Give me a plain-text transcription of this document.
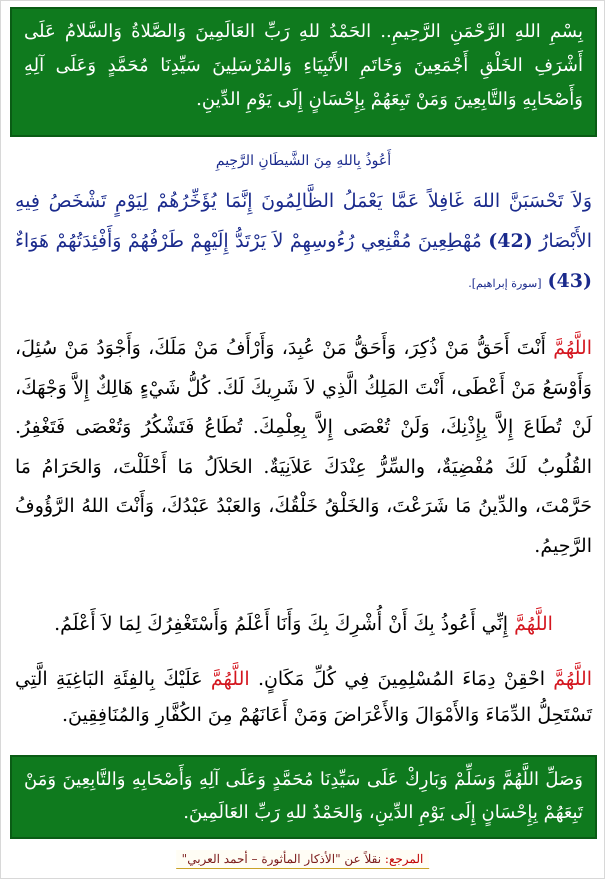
بِسْمِ اللهِ الرَّحْمَنِ الرَّحِيمِ.. الحَمْدُ للهِ رَبِّ العَالَمِينَ وَالصَّلاةُ وَالسَّلامُ عَلَى أَشْرَفِ الخَلْقِ أَجْمَعِينَ وَخَاتَمِ الأَنْبِيَاءِ وَالمُرْسَلِينَ سَيِّدِنَا مُحَمَّدٍ وَعَلَى آلِهِ وَأَصْحَابِهِ وَالتَّابِعِينَ وَمَنْ تَبِعَهُمْ بِإِحْسَانٍ إِلَى يَوْمِ الدِّينِ.
أَعُوذُ بِاللهِ مِنَ الشَّيطَانِ الرَّجِيمِ
وَلاَ تَحْسَبَنَّ اللهَ غَافِلاً عَمَّا يَعْمَلُ الظَّالِمُونَ إِنَّمَا يُؤَخِّرُهُمْ لِيَوْمٍ تَشْخَصُ فِيهِ الأَبْصَارُ (42) مُهْطِعِينَ مُقْنِعِي رُءُوسِهِمْ لاَ يَرْتَدُّ إِلَيْهِمْ طَرْفُهُمْ وَأَفْئِدَتُهُمْ هَوَاءٌ (43) [سورة إبراهيم].
اللَّهُمَّ أَنْتَ أَحَقُّ مَنْ ذُكِرَ، وَأَحَقُّ مَنْ عُبِدَ، وَأَرْأَفُ مَنْ مَلَكَ، وَأَجْوَدُ مَنْ سُئِلَ، وَأَوْسَعُ مَنْ أَعْطَى، أَنْتَ المَلِكُ الَّذِي لاَ شَرِيكَ لَكَ. كُلُّ شَيْءٍ هَالِكٌ إِلاَّ وَجْهَكَ، لَنْ تُطَاعَ إِلاَّ بِإِذْنِكَ، وَلَنْ تُعْصَى إِلاَّ بِعِلْمِكَ. تُطَاعُ فَتَشْكُرُ وَتُعْصَى فَتَغْفِرُ. القُلُوبُ لَكَ مُفْضِيَةٌ، والسِّرُّ عِنْدَكَ عَلاَنِيَةٌ. الحَلاَلُ مَا أَحْلَلْتَ، وَالحَرَامُ مَا حَرَّمْتَ، والدِّينُ مَا شَرَعْتَ، وَالخَلْقُ خَلْقُكَ، وَالعَبْدُ عَبْدُكَ، وَأَنْتَ اللهُ الرَّؤُوفُ الرَّحِيمُ.
اللَّهُمَّ إِنِّي أَعُوذُ بِكَ أَنْ أُشْرِكَ بِكَ وَأَنَا أَعْلَمُ وَأَسْتَغْفِرُكَ لِمَا لاَ أَعْلَمُ.
اللَّهُمَّ احْقِنْ دِمَاءَ المُسْلِمِينَ فِي كُلِّ مَكَانٍ. اللَّهُمَّ عَلَيْكَ بِالفِئَةِ البَاغِيَةِ الَّتِي تَسْتَحِلُّ الدِّمَاءَ وَالأَمْوَالَ وَالأَعْرَاضَ وَمَنْ أَعَانَهُمْ مِنَ الكُفَّارِ وَالمُنَافِقِينَ.
وَصَلِّ اللَّهُمَّ وَسَلِّمْ وَبَارِكْ عَلَى سَيِّدِنَا مُحَمَّدٍ وَعَلَى آلِهِ وَأَصْحَابِهِ وَالتَّابِعِينَ وَمَنْ تَبِعَهُمْ بِإِحْسَانٍ إِلَى يَوْمِ الدِّينِ، وَالحَمْدُ للهِ رَبِّ العَالَمِينَ.
المرجع: نقلاً عن "الأذكار المأثورة – أحمد العربي"
